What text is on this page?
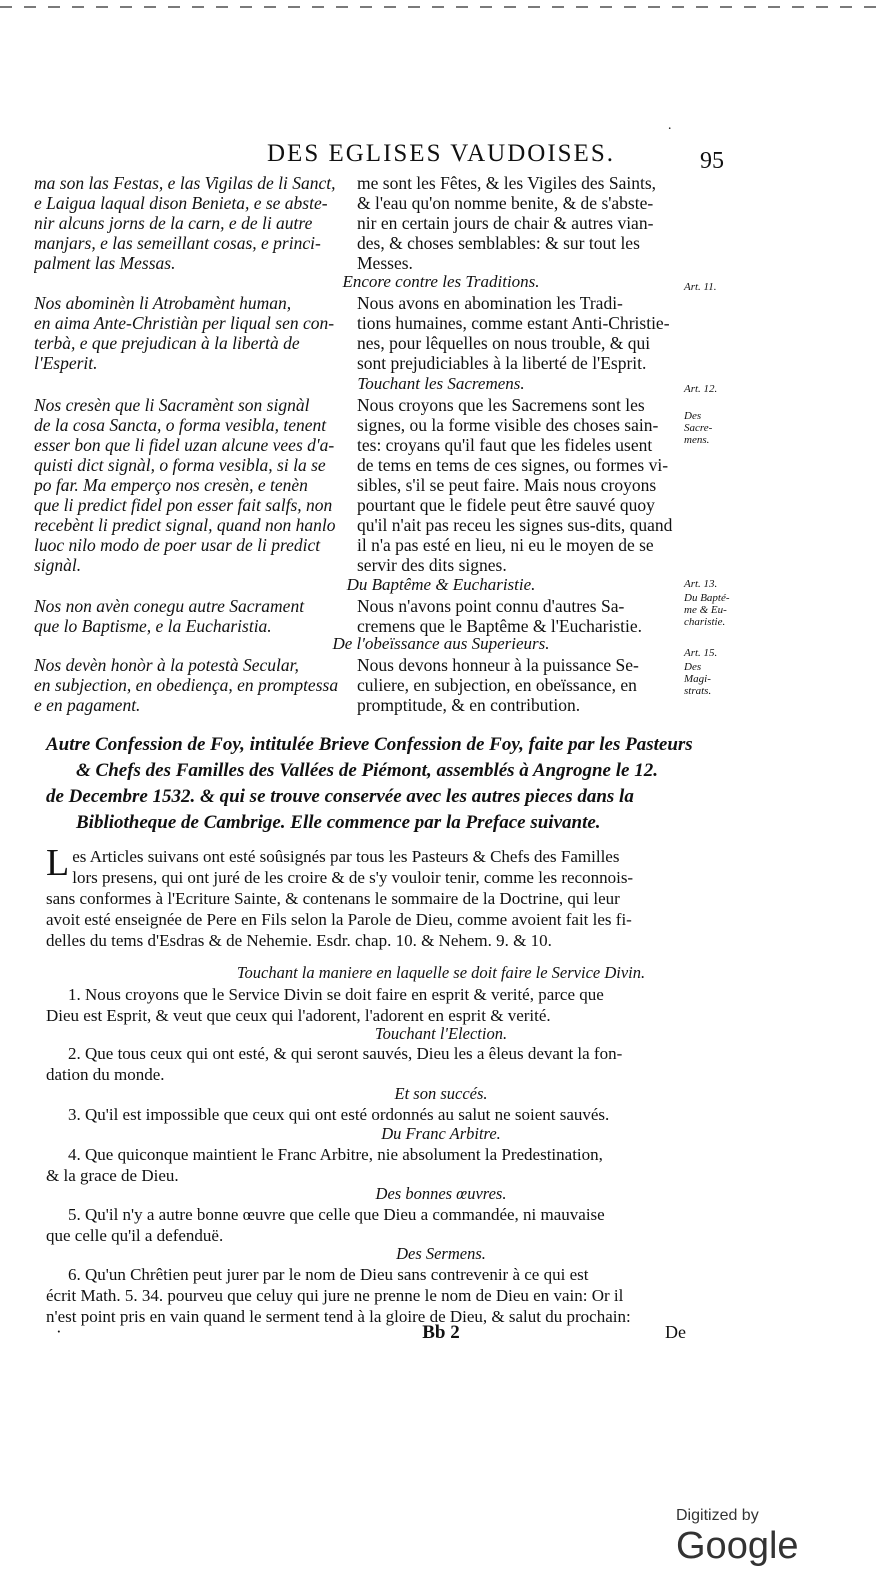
·
DES EGLISES VAUDOISES.	95
ma son las Festas, e las Vigilas de li Sanct,
e Laigua laqual dison Benieta, e se abste-
nir alcuns jorns de la carn, e de li autre
manjars, e las semeillant cosas, e princi-
palment las Messas.
me sont les Fêtes, & les Vigiles des Saints,
& l'eau qu'on nomme benite, & de s'abste-
nir en certain jours de chair & autres vian-
des, & choses semblables: & sur tout les
Messes.
Encore contre les Traditions.
Nos abominèn li Atrobamènt human,
en aima Ante-Christiàn per liqual sen con-
terbà, e que prejudican à la libertà de
l'Esperit.
Nous avons en abomination les Tradi-
tions humaines, comme estant Anti-Christie-
nes, pour lêquelles on nous trouble, & qui
sont prejudiciables à la liberté de l'Esprit.
Touchant les Sacremens.
Nos cresèn que li Sacramènt son signàl
de la cosa Sancta, o forma vesibla, tenent
esser bon que li fidel uzan alcune vees d'a-
quisti dict signàl, o forma vesibla, si la se
po far. Ma emperço nos cresèn, e tenèn
que li predict fidel pon esser fait salfs, non
recebènt li predict signal, quand non hanlo
luoc nilo modo de poer usar de li predict
signàl.
Nous croyons que les Sacremens sont les
signes, ou la forme visible des choses sain-
tes: croyans qu'il faut que les fideles usent
de tems en tems de ces signes, ou formes vi-
sibles, s'il se peut faire. Mais nous croyons
pourtant que le fidele peut être sauvé quoy
qu'il n'ait pas receu les signes sus-dits, quand
il n'a pas esté en lieu, ni eu le moyen de se
servir des dits signes.
Du Baptême & Eucharistie.
Nos non avèn conegu autre Sacrament
que lo Baptisme, e la Eucharistia.
Nous n'avons point connu d'autres Sa-
cremens que le Baptême & l'Eucharistie.
De l'obeïssance aus Superieurs.
Nos devèn honòr à la potestà Secular,
en subjection, en obediença, en promptessa
e en pagament.
Nous devons honneur à la puissance Se-
culiere, en subjection, en obeïssance, en
promptitude, & en contribution.
Art. 11.
Art. 12.
Des Sacre- mens.
Art. 13.
Du Bapté- me & Eu- charistie.
Art. 15.
Des Magi- strats.
Autre Confession de Foy, intitulée Brieve Confession de Foy, faite par les Pasteurs
& Chefs des Familles des Vallées de Piémont, assemblés à Angrogne le 12.
de Decembre 1532. & qui se trouve conservée avec les autres pieces dans la
Bibliotheque de Cambrige. Elle commence par la Preface suivante.
L es Articles suivans ont esté soûsignés par tous les Pasteurs & Chefs des Familles
lors presens, qui ont juré de les croire & de s'y vouloir tenir, comme les reconnois-
sans conformes à l'Ecriture Sainte, & contenans le sommaire de la Doctrine, qui leur
avoit esté enseignée de Pere en Fils selon la Parole de Dieu, comme avoient fait les fi-
delles du tems d'Esdras & de Nehemie. Esdr. chap. 10. & Nehem. 9. & 10.
Touchant la maniere en laquelle se doit faire le Service Divin.
1. Nous croyons que le Service Divin se doit faire en esprit & verité, parce que
Dieu est Esprit, & veut que ceux qui l'adorent, l'adorent en esprit & verité.
Touchant l'Election.
2. Que tous ceux qui ont esté, & qui seront sauvés, Dieu les a êleus devant la fon-
dation du monde.
Et son succés.
3. Qu'il est impossible que ceux qui ont esté ordonnés au salut ne soient sauvés.
Du Franc Arbitre.
4. Que quiconque maintient le Franc Arbitre, nie absolument la Predestination,
& la grace de Dieu.
Des bonnes œuvres.
5. Qu'il n'y a autre bonne œuvre que celle que Dieu a commandée, ni mauvaise
que celle qu'il a defenduë.
Des Sermens.
6. Qu'un Chrêtien peut jurer par le nom de Dieu sans contrevenir à ce qui est
écrit Math. 5. 34. pourveu que celuy qui jure ne prenne le nom de Dieu en vain: Or il
n'est point pris en vain quand le serment tend à la gloire de Dieu, & salut du prochain:
·	Bb 2	De
Digitized by Google
